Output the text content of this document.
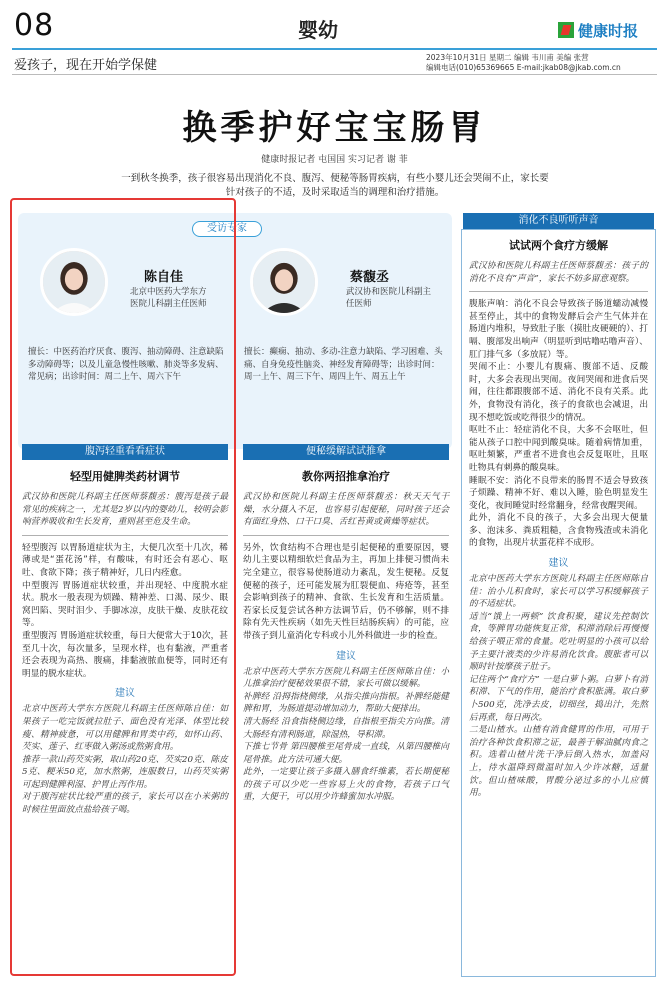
08	婴幼	健康时报
爱孩子，现在开始学保健
2023年10月31日 星期二 编辑 韦川甫 美编 张营
编辑电话(010)65369665 E-mail:jkab08@jkab.com.cn
换季护好宝宝肠胃
健康时报记者 屯国国 实习记者 谢 菲
一到秋冬换季，孩子很容易出现消化不良、腹泻、便秘等肠胃疾病，有些小婴儿还会哭闹不止，家长要针对孩子的不适，及时采取适当的调理和治疗措施。
受访专家
陈自佳
北京中医药大学东方医院儿科副主任医师
擅长：中医药治疗厌食、腹泻、抽动障碍、注意缺陷多动障碍等；以及儿童急慢性咳嗽、肺炎等多发病、常见病；出诊时间：周二上午、周六下午
蔡馥丞
武汉协和医院儿科副主任医师
擅长：癫痫、抽动、多动-注意力缺陷、学习困难、头痛、自身免疫性脑炎、神经发育障碍等；出诊时间：周一上午、周三下午、周四上午、周五上午
腹泻轻重看看症状
轻型用健脾类药材调节

武汉协和医院儿科副主任医师蔡馥丞：腹泻是孩子最常见的疾病之一，尤其是2岁以内的婴幼儿，较明会影响营养吸收和生长发育，重则甚至危及生命。

轻型腹泻 以胃肠道症状为主，大便几次至十几次，稀薄或是“蛋花汤”样，有酸味，有时还会有恶心、呕吐、食欲下降；孩子精神好，几日内痊愈。

中型腹泻 胃肠道症状较重，并出现轻、中度脱水症状。脱水一般表现为烦躁、精神差、口渴、尿少、眼窝凹陷、哭时泪少、手脚冰凉，皮肤干燥、皮肤花纹等。

重型腹泻 胃肠道症状较重，每日大便常大于10次，甚至几十次，每次量多，呈现水样，也有黏液，严重者还会表现为高热、腹痛，排黏液脓血便等，同时还有明显的脱水症状。

建议

北京中医药大学东方医院儿科副主任医师陈自佳：如果孩子一吃完饭就拉肚子、面色没有光泽、体型比较瘦、精神疲惫，可以用健脾和胃类中药，如怀山药、芡实、莲子、红枣做入粥汤或熬粥食用。

推荐一款山药芡实粥，取山药20克、芡实20克、陈皮5克、粳米50克，加水熬粥，连服数日，山药芡实粥可起到健脾利湿、护胃止泻作用。

对于腹泻症状比较严重的孩子，家长可以在小米粥的时候往里面放点盐给孩子喝。

便秘缓解试试推拿
教你两招推拿治疗

武汉协和医院儿科副主任医师蔡馥丞：秋天天气干燥，水分摄入不足，也容易引起便秘，同时孩子还会有面红身热、口干口臭、舌红苔黄或黄燥等症状。

另外，饮食结构不合理也是引起便秘的重要原因，婴幼儿主要以精细软烂食品为主，再加上排便习惯尚未完全建立，很容易使肠道动力紊乱，发生便秘。反复便秘的孩子，还可能发展为肛裂便血、痔疮等，甚至会影响到孩子的精神、食欲、生长发育和生活质量。若家长反复尝试各种方法调节后，仍不够解，则不排除有先天性疾病（如先天性巨结肠疾病）的可能，应带孩子到儿童消化专科或小儿外科做进一步的检查。

建议

北京中医药大学东方医院儿科副主任医师陈自佳：小儿推拿治疗便秘效果很不错，家长可做以缓解。

补脾经 沿拇指桡侧缘，从指尖推向指根。补脾经能健脾和胃，为肠道提动增加动力，帮助大便排出。

清大肠经 沿食指桡侧边缘，自指根至指尖方向推。清大肠经有清利肠道，除湿热，导积滞。

下推七节骨 第四腰椎至尾骨成一直线，从第四腰椎向尾骨推。此方法可通大便。

此外，一定要让孩子多摄入膳食纤维素，若长期便秘的孩子可以少吃一些容易上火的食物，若孩子口气重，大便干，可以用少许蜂蜜加水冲服。

消化不良听听声音
试试两个食疗方缓解

武汉协和医院儿科副主任医师蔡馥丞：孩子的消化不良有“声音”，家长不妨多留意观察。

腹胀声响：消化不良会导致孩子肠道蠕动减慢甚至停止，其中的食物发酵后会产生气体并在肠道内堆积，导致肚子胀（摸肚皮硬硬的）、打嗝、腹部发出响声（明显听到咕噜咕噜声音）、肛门排气多（多放屁）等。

哭闹不止：小婴儿有腹痛、腹部不适、反酸时，大多会表现出哭闹。夜间哭闹和进食后哭闹，往往都跟腹部不适、消化不良有关系。此外，食物没有消化，孩子的食欲也会减退，出现不想吃饭或吃得很少的情况。

呕吐不止：轻症消化不良，大多不会呕吐，但能从孩子口腔中闻到酸臭味。随着病情加重，呕吐频繁，严重者不进食也会反复呕吐，且呕吐物具有刺鼻的酸臭味。

睡眠不安：消化不良带来的肠胃不适会导致孩子烦躁、精神不好、难以入睡，脸色明显发生变化，夜间睡觉时经常翻身，经常夜醒哭闹。

此外，消化不良的孩子，大多会出现大便量多、泡沫多、粪质粗糙，含食物残渣或未消化的食物，出现片状蛋花样不成形。

建议

北京中医药大学东方医院儿科副主任医师陈自佳：治小儿积食时，家长可以学习积缓解孩子的不适症状。

适当“饿上一两顿” 饮食积聚，建议先控制饮食，等脾胃功能恢复正常，积滞消除后再慢慢给孩子喂正常的食量。吃吐明显的小孩可以给予主要汁液类的少许易消化饮食。腹胀者可以顺时针按摩孩子肚子。

记住两个“食疗方” 一是白萝卜粥。白萝卜有消积滞、下气的作用，能治疗食积胀满。取白萝卜500克，洗净去皮，切细丝，捣出汁，先熬后再煮，每日两次。

二是山楂水。山楂有消食健胃的作用，可用于治疗各种饮食积滞之证，最善于解油腻肉食之积。选着山楂片洗干净后倒入热水，加盖闷上，待水温降到微温时加入少许冰糖，适量饮。但山楂味酸，胃酸分泌过多的小儿应慎用。
